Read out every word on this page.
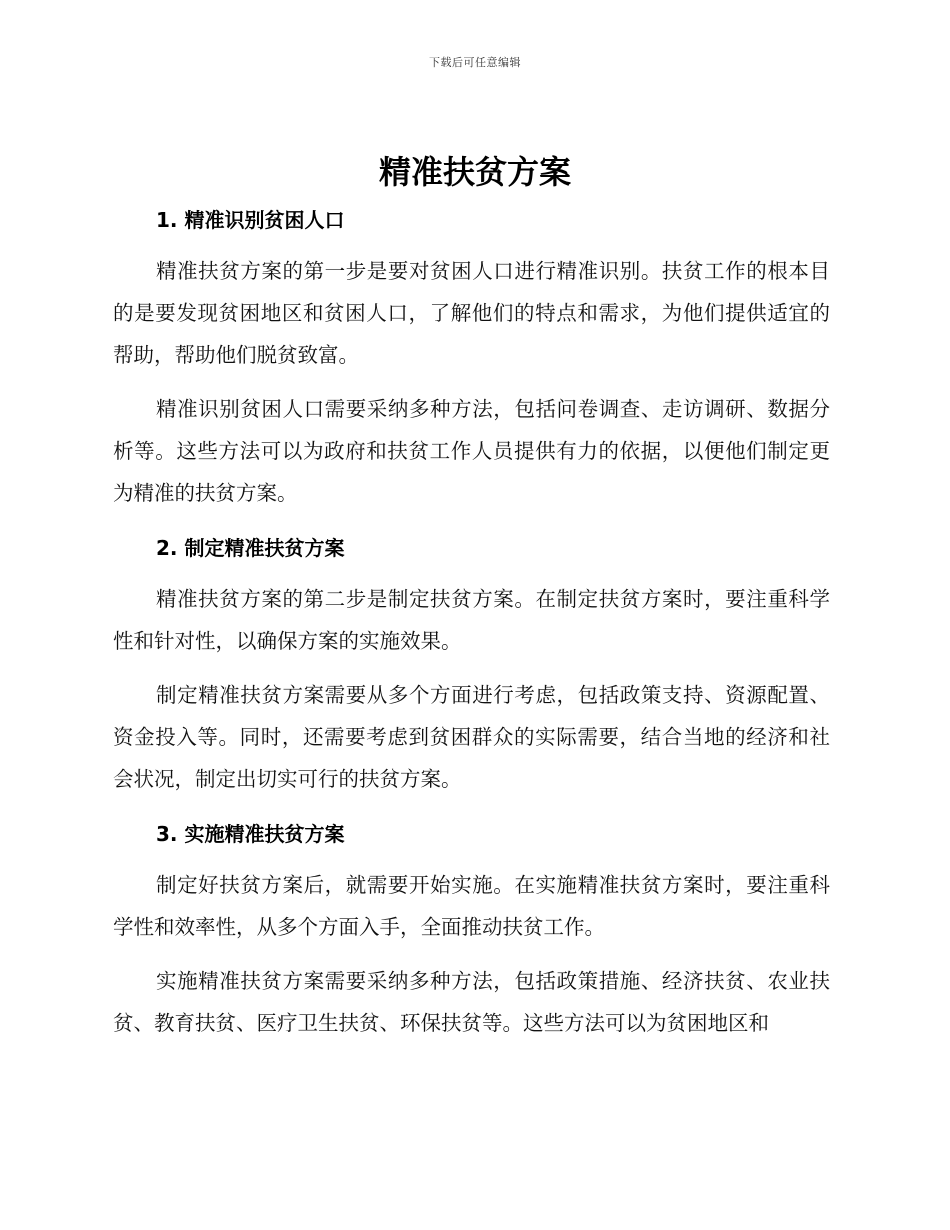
下载后可任意编辑
精准扶贫方案
1. 精准识别贫困人口

精准扶贫方案的第一步是要对贫困人口进行精准识别。扶贫工作的根本目的是要发现贫困地区和贫困人口，了解他们的特点和需求，为他们提供适宜的帮助，帮助他们脱贫致富。

精准识别贫困人口需要采纳多种方法，包括问卷调查、走访调研、数据分析等。这些方法可以为政府和扶贫工作人员提供有力的依据，以便他们制定更为精准的扶贫方案。

2. 制定精准扶贫方案

精准扶贫方案的第二步是制定扶贫方案。在制定扶贫方案时，要注重科学性和针对性，以确保方案的实施效果。

制定精准扶贫方案需要从多个方面进行考虑，包括政策支持、资源配置、资金投入等。同时，还需要考虑到贫困群众的实际需要，结合当地的经济和社会状况，制定出切实可行的扶贫方案。

3. 实施精准扶贫方案

制定好扶贫方案后，就需要开始实施。在实施精准扶贫方案时，要注重科学性和效率性，从多个方面入手，全面推动扶贫工作。

实施精准扶贫方案需要采纳多种方法，包括政策措施、经济扶贫、农业扶贫、教育扶贫、医疗卫生扶贫、环保扶贫等。这些方法可以为贫困地区和
